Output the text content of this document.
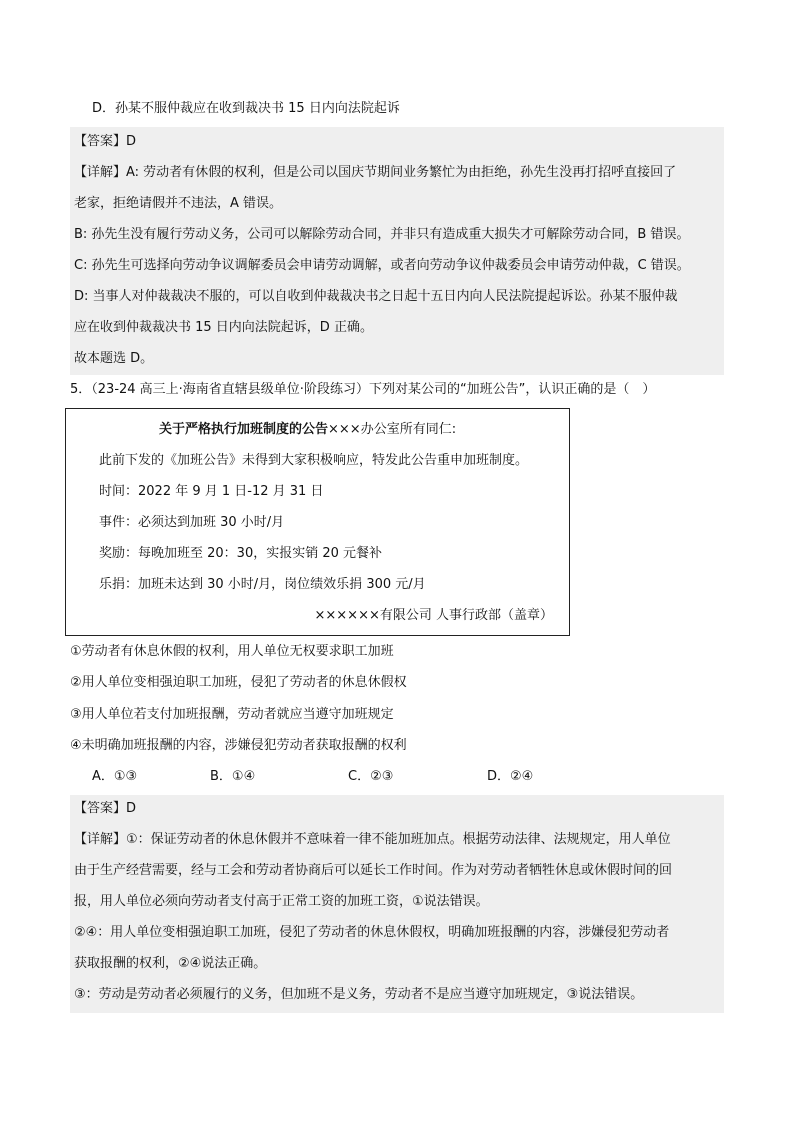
D．孙某不服仲裁应在收到裁决书 15 日内向法院起诉
【答案】D
【详解】A: 劳动者有休假的权利，但是公司以国庆节期间业务繁忙为由拒绝，孙先生没再打招呼直接回了
老家，拒绝请假并不违法，A 错误。
B: 孙先生没有履行劳动义务，公司可以解除劳动合同，并非只有造成重大损失才可解除劳动合同，B 错误。
C: 孙先生可选择向劳动争议调解委员会申请劳动调解，或者向劳动争议仲裁委员会申请劳动仲裁，C 错误。
D: 当事人对仲裁裁决不服的，可以自收到仲裁裁决书之日起十五日内向人民法院提起诉讼。孙某不服仲裁
应在收到仲裁裁决书 15 日内向法院起诉，D 正确。
故本题选 D。
5．（23-24 高三上·海南省直辖县级单位·阶段练习）下列对某公司的“加班公告”，认识正确的是（　）
关于严格执行加班制度的公告×××办公室所有同仁:
此前下发的《加班公告》未得到大家积极响应，特发此公告重申加班制度。
时间：2022 年 9 月 1 日-12 月 31 日
事件：必须达到加班 30 小时/月
奖励：每晚加班至 20：30，实报实销 20 元餐补
乐捐：加班未达到 30 小时/月，岗位绩效乐捐 300 元/月
××××××有限公司 人事行政部（盖章）
①劳动者有休息休假的权利，用人单位无权要求职工加班
②用人单位变相强迫职工加班，侵犯了劳动者的休息休假权
③用人单位若支付加班报酬，劳动者就应当遵守加班规定
④未明确加班报酬的内容，涉嫌侵犯劳动者获取报酬的权利
A．①③	B．①④	C．②③	D．②④
【答案】D
【详解】①：保证劳动者的休息休假并不意味着一律不能加班加点。根据劳动法律、法规规定，用人单位
由于生产经营需要，经与工会和劳动者协商后可以延长工作时间。作为对劳动者牺牲休息或休假时间的回
报，用人单位必须向劳动者支付高于正常工资的加班工资，①说法错误。
②④：用人单位变相强迫职工加班，侵犯了劳动者的休息休假权，明确加班报酬的内容，涉嫌侵犯劳动者
获取报酬的权利，②④说法正确。
③：劳动是劳动者必须履行的义务，但加班不是义务，劳动者不是应当遵守加班规定，③说法错误。
